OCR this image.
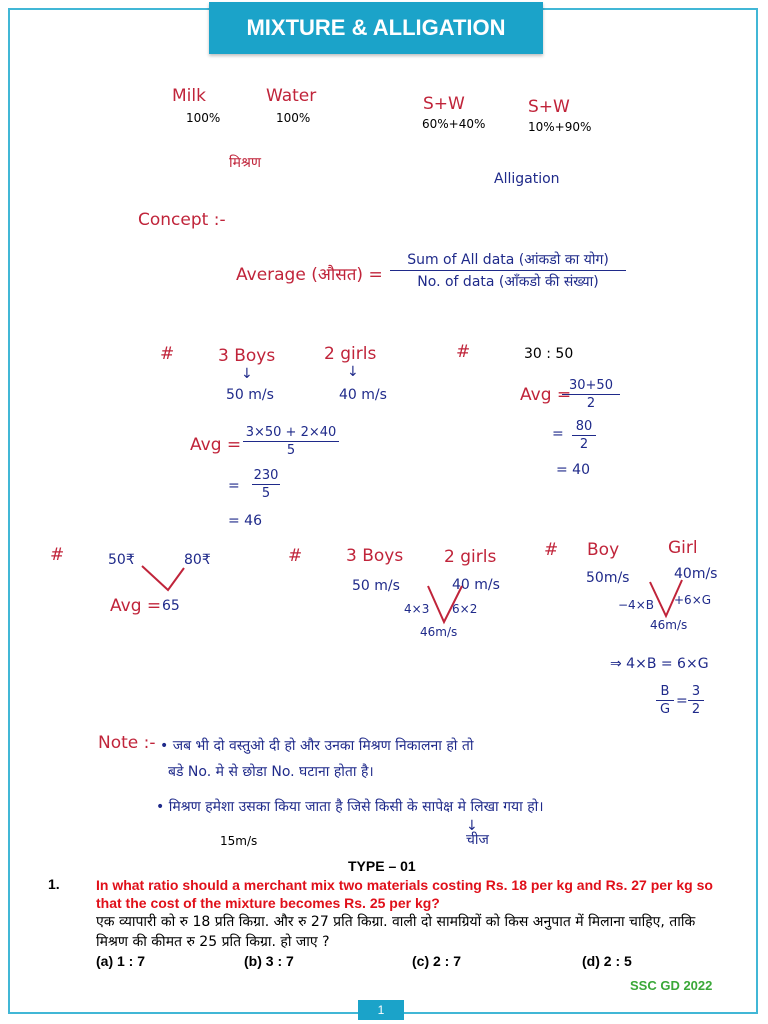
MIXTURE & ALLIGATION
Milk
100%
Water
100%
S+W
60%+40%
S+W
10%+90%
मिश्रण
Alligation
Concept :-
Average (औसत) =
Sum of All data (आंकडो का योग)
No. of data (आँकडो की संख्या)
#	3 Boys	2 girls
↓	↓
50 m/s	40 m/s
Avg =
3×50 + 2×40
5
=
230
5
= 46
#	30 : 50
Avg =
30+50
2
= 80
2
= 40
#	50₹	80₹
Avg = 65
#	3 Boys 2 girls
50 m/s	40 m/s
4×3 6×2
46m/s
# Boy	Girl
50m/s	40m/s
−4×B +6×G
46m/s
⇒ 4×B = 6×G
B
G
=
3
2
Note :- • जब भी दो वस्तुओ दी हो और उनका मिश्रण निकालना हो तो
बडे No. मे से छोडा No. घटाना होता है।
• मिश्रण हमेशा उसका किया जाता है जिसे किसी के सापेक्ष मे लिखा गया हो।
15m/s
↓
चीज
TYPE – 01
1.	In what ratio should a merchant mix two materials costing Rs. 18 per kg and Rs. 27 per kg so that the cost of the mixture becomes Rs. 25 per kg?
एक व्यापारी को रु 18 प्रति किग्रा. और रु 27 प्रति किग्रा. वाली दो सामग्रियों को किस अनुपात में मिलाना चाहिए, ताकि मिश्रण की कीमत रु 25 प्रति किग्रा. हो जाए ?
(a) 1 : 7	(b) 3 : 7	(c) 2 : 7	(d) 2 : 5
SSC GD 2022
1
